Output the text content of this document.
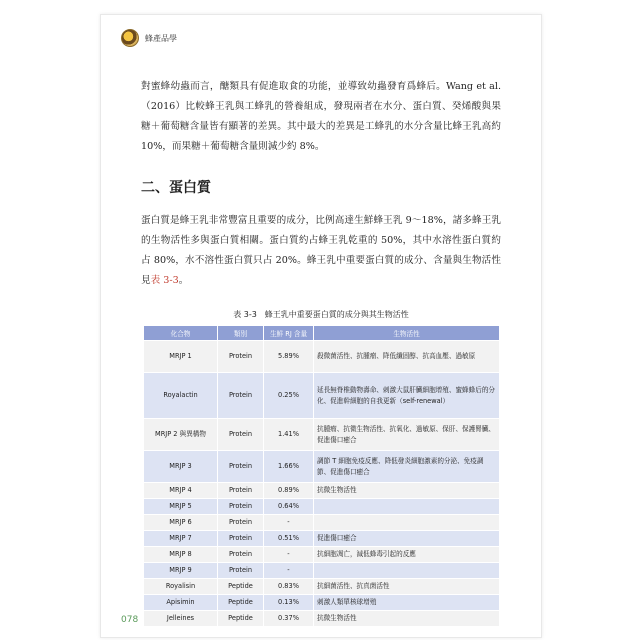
蜂產品學

對蜜蜂幼蟲而言，醣類具有促進取食的功能，並導致幼蟲發育爲蜂后。Wang et al.（2016）比較蜂王乳與工蜂乳的營養組成，發現兩者在水分、蛋白質、癸烯酸與果糖＋葡萄糖含量皆有顯著的差異。其中最大的差異是工蜂乳的水分含量比蜂王乳高約 10%，而果糖＋葡萄糖含量則減少約 8%。

二、蛋白質

蛋白質是蜂王乳非常豐富且重要的成分，比例高達生鮮蜂王乳 9～18%，諸多蜂王乳的生物活性多與蛋白質相關。蛋白質約占蜂王乳乾重的 50%，其中水溶性蛋白質約占 80%，水不溶性蛋白質只占 20%。蜂王乳中重要蛋白質的成分、含量與生物活性見表 3-3。

表 3-3　蜂王乳中重要蛋白質的成分與其生物活性
化合物	類別	生鮮 RJ 含量	生物活性
MRJP 1	Protein	5.89%	殺微菌活性、抗腫瘤、降低纖固醇、抗高血壓、過敏原
Royalactin	Protein	0.25%	延長無脊椎動物壽命、刺激大鼠肝臟細胞增殖、蜜蜂蜂后的分化、促進幹細胞的自我更新（self-renewal）
MRJP 2 與異構物	Protein	1.41%	抗腫瘤、抗微生物活性、抗氧化、過敏原、保肝、保護腎臟、促進傷口癒合
MRJP 3	Protein	1.66%	調節 T 細胞免疫反應、降低發炎細胞激素的分泌、免疫調節、促進傷口癒合
MRJP 4	Protein	0.89%	抗微生物活性
MRJP 5	Protein	0.64%	
MRJP 6	Protein	-	
MRJP 7	Protein	0.51%	促進傷口癒合
MRJP 8	Protein	-	抗細胞凋亡，減低蜂毒引起的反應
MRJP 9	Protein	-	
Royalisin	Peptide	0.83%	抗細菌活性、抗真菌活性
Apisimin	Peptide	0.13%	刺激人類單核球增殖
Jelleines	Peptide	0.37%	抗微生物活性
078
